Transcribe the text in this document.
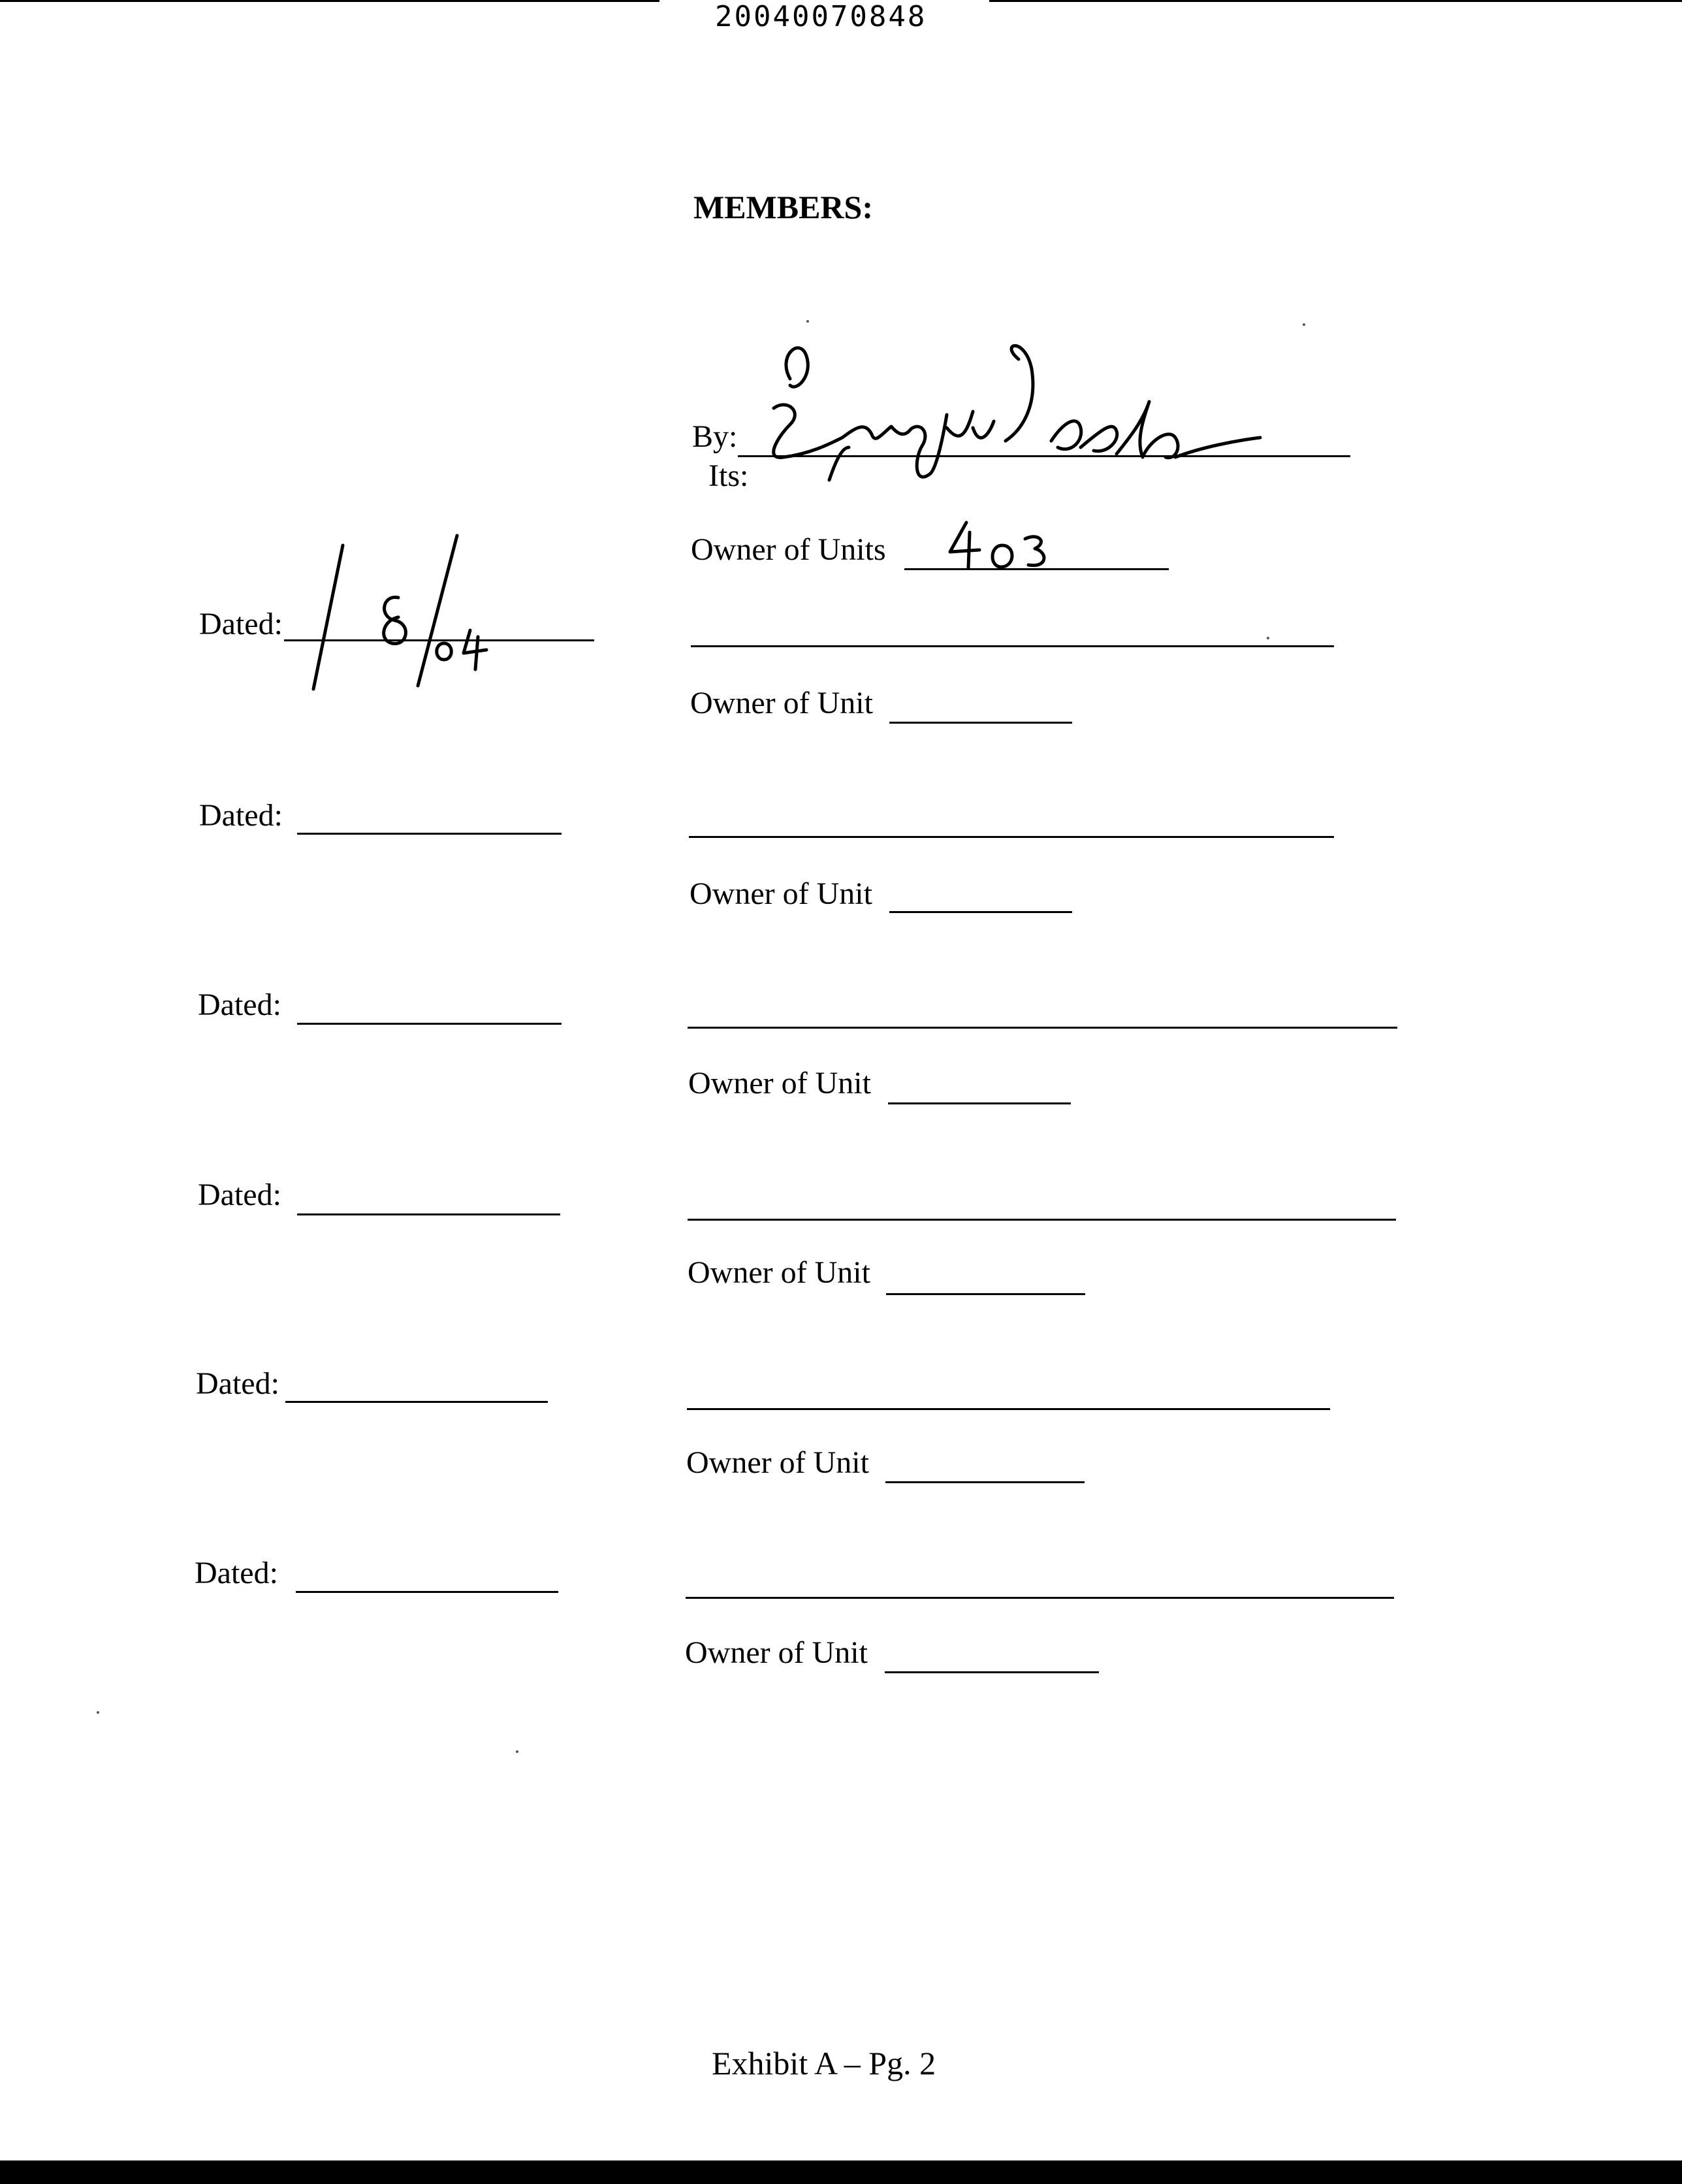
20040070848
MEMBERS:
By:
Its:
Owner of Units
Dated:
Owner of Unit
Dated:
Owner of Unit
Dated:
Owner of Unit
Dated:
Owner of Unit
Dated:
Owner of Unit
Dated:
Owner of Unit
Exhibit A – Pg. 2
